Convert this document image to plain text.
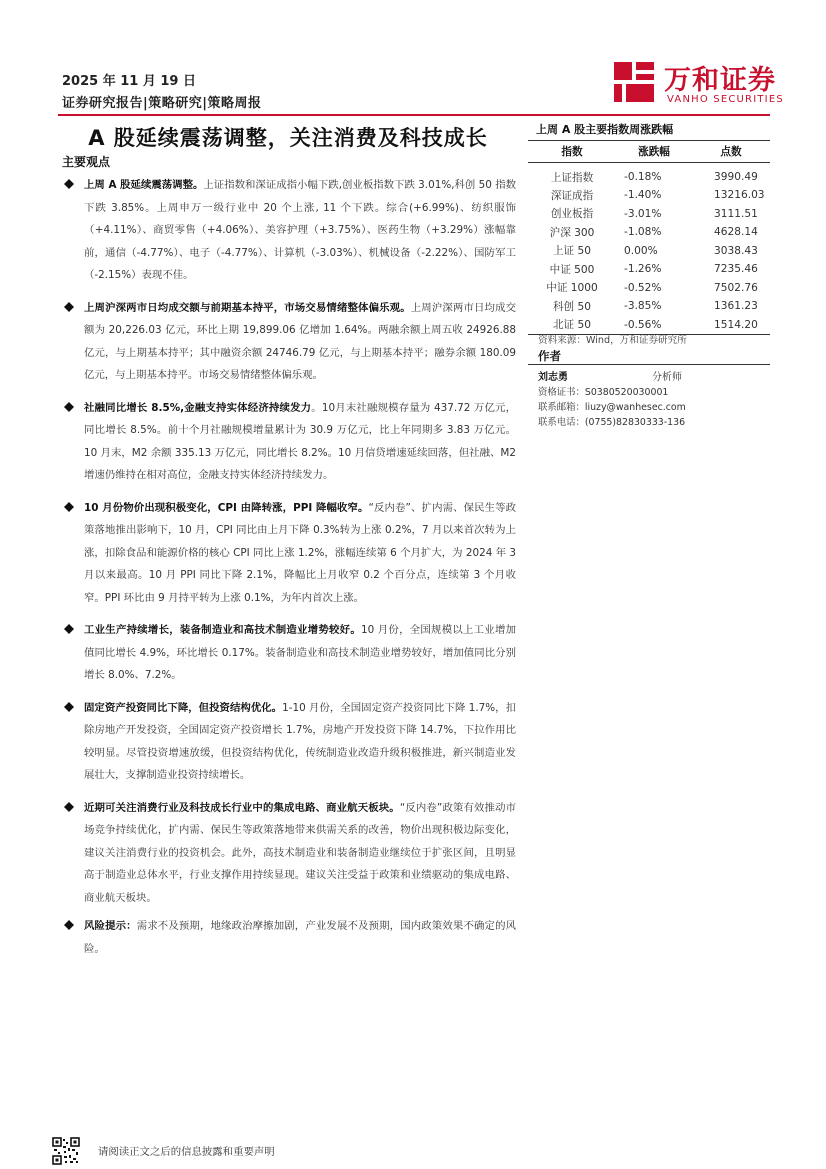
2025 年 11 月 19 日
证券研究报告|策略研究|策略周报
万和证券
VANHO SECURITIES
A 股延续震荡调整，关注消费及科技成长
主要观点
上周 A 股延续震荡调整。上证指数和深证成指小幅下跌,创业板指数下跌 3.01%,科创 50 指数下跌 3.85%。上周申万一级行业中 20 个上涨, 11 个下跌。综合(+6.99%)、纺织服饰（+4.11%）、商贸零售（+4.06%）、美容护理（+3.75%）、医药生物（+3.29%）涨幅靠前，通信（-4.77%）、电子（-4.77%）、计算机（-3.03%）、机械设备（-2.22%）、国防军工（-2.15%）表现不佳。
上周沪深两市日均成交额与前期基本持平，市场交易情绪整体偏乐观。上周沪深两市日均成交额为 20,226.03 亿元，环比上期 19,899.06 亿增加 1.64%。两融余额上周五收 24926.88 亿元，与上期基本持平；其中融资余额 24746.79 亿元，与上期基本持平；融券余额 180.09 亿元，与上期基本持平。市场交易情绪整体偏乐观。
社融同比增长 8.5%,金融支持实体经济持续发力。10月末社融规模存量为 437.72 万亿元，同比增长 8.5%。前十个月社融规模增量累计为 30.9 万亿元，比上年同期多 3.83 万亿元。10 月末，M2 余额 335.13 万亿元，同比增长 8.2%。10 月信贷增速延续回落，但社融、M2 增速仍维持在相对高位，金融支持实体经济持续发力。
10 月份物价出现积极变化，CPI 由降转涨，PPI 降幅收窄。“反内卷”、扩内需、保民生等政策落地推出影响下，10 月，CPI 同比由上月下降 0.3%转为上涨 0.2%，7 月以来首次转为上涨，扣除食品和能源价格的核心 CPI 同比上涨 1.2%，涨幅连续第 6 个月扩大，为 2024 年 3 月以来最高。10 月 PPI 同比下降 2.1%，降幅比上月收窄 0.2 个百分点，连续第 3 个月收窄。PPI 环比由 9 月持平转为上涨 0.1%，为年内首次上涨。
工业生产持续增长，装备制造业和高技术制造业增势较好。10 月份，全国规模以上工业增加值同比增长 4.9%，环比增长 0.17%。装备制造业和高技术制造业增势较好，增加值同比分别增长 8.0%、7.2%。
固定资产投资同比下降，但投资结构优化。1-10 月份，全国固定资产投资同比下降 1.7%，扣除房地产开发投资，全国固定资产投资增长 1.7%，房地产开发投资下降 14.7%，下拉作用比较明显。尽管投资增速放缓，但投资结构优化，传统制造业改造升级积极推进，新兴制造业发展壮大，支撑制造业投资持续增长。
近期可关注消费行业及科技成长行业中的集成电路、商业航天板块。“反内卷”政策有效推动市场竞争持续优化，扩内需、保民生等政策落地带来供需关系的改善，物价出现积极边际变化，建议关注消费行业的投资机会。此外，高技术制造业和装备制造业继续位于扩张区间，且明显高于制造业总体水平，行业支撑作用持续显现。建议关注受益于政策和业绩驱动的集成电路、商业航天板块。
风险提示：需求不及预期，地缘政治摩擦加剧，产业发展不及预期，国内政策效果不确定的风险。
上周 A 股主要指数周涨跌幅
指数	涨跌幅	点数
上证指数	-0.18%	3990.49
深证成指	-1.40%	13216.03
创业板指	-3.01%	3111.51
沪深 300	-1.08%	4628.14
上证 50	0.00%	3038.43
中证 500	-1.26%	7235.46
中证 1000	-0.52%	7502.76
科创 50	-3.85%	1361.23
北证 50	-0.56%	1514.20
资料来源：Wind，万和证券研究所
作者
刘志勇	分析师
资格证书：S0380520030001
联系邮箱：liuzy@wanhesec.com
联系电话：(0755)82830333-136
请阅读正文之后的信息披露和重要声明
